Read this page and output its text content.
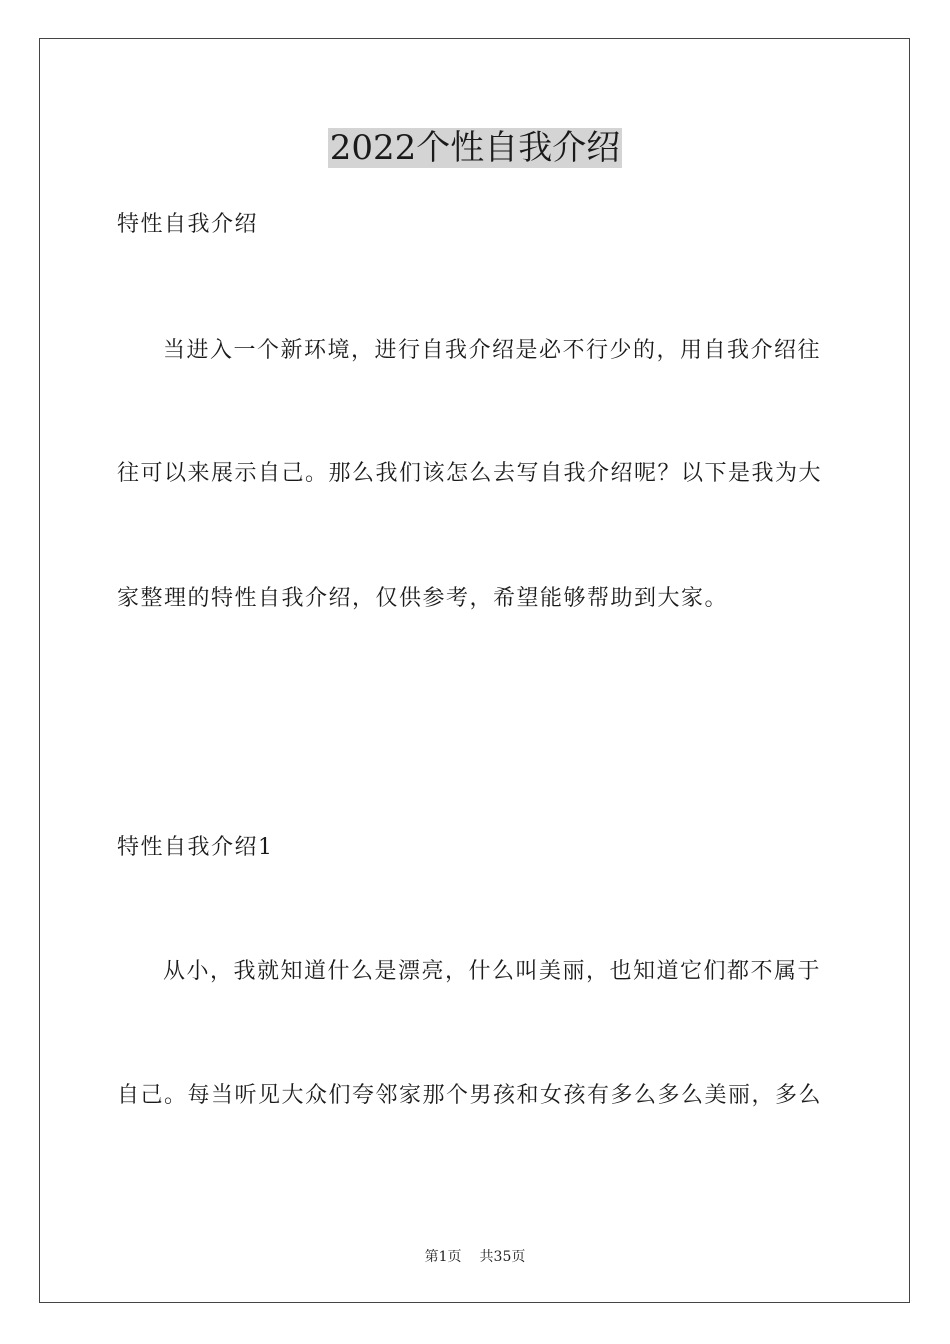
2022个性自我介绍

特性自我介绍

当进入一个新环境，进行自我介绍是必不行少的，用自我介绍往

往可以来展示自己。那么我们该怎么去写自我介绍呢？以下是我为大

家整理的特性自我介绍，仅供参考，希望能够帮助到大家。

特性自我介绍1

从小，我就知道什么是漂亮，什么叫美丽，也知道它们都不属于

自己。每当听见大众们夸邻家那个男孩和女孩有多么多么美丽，多么

第1页 共35页
